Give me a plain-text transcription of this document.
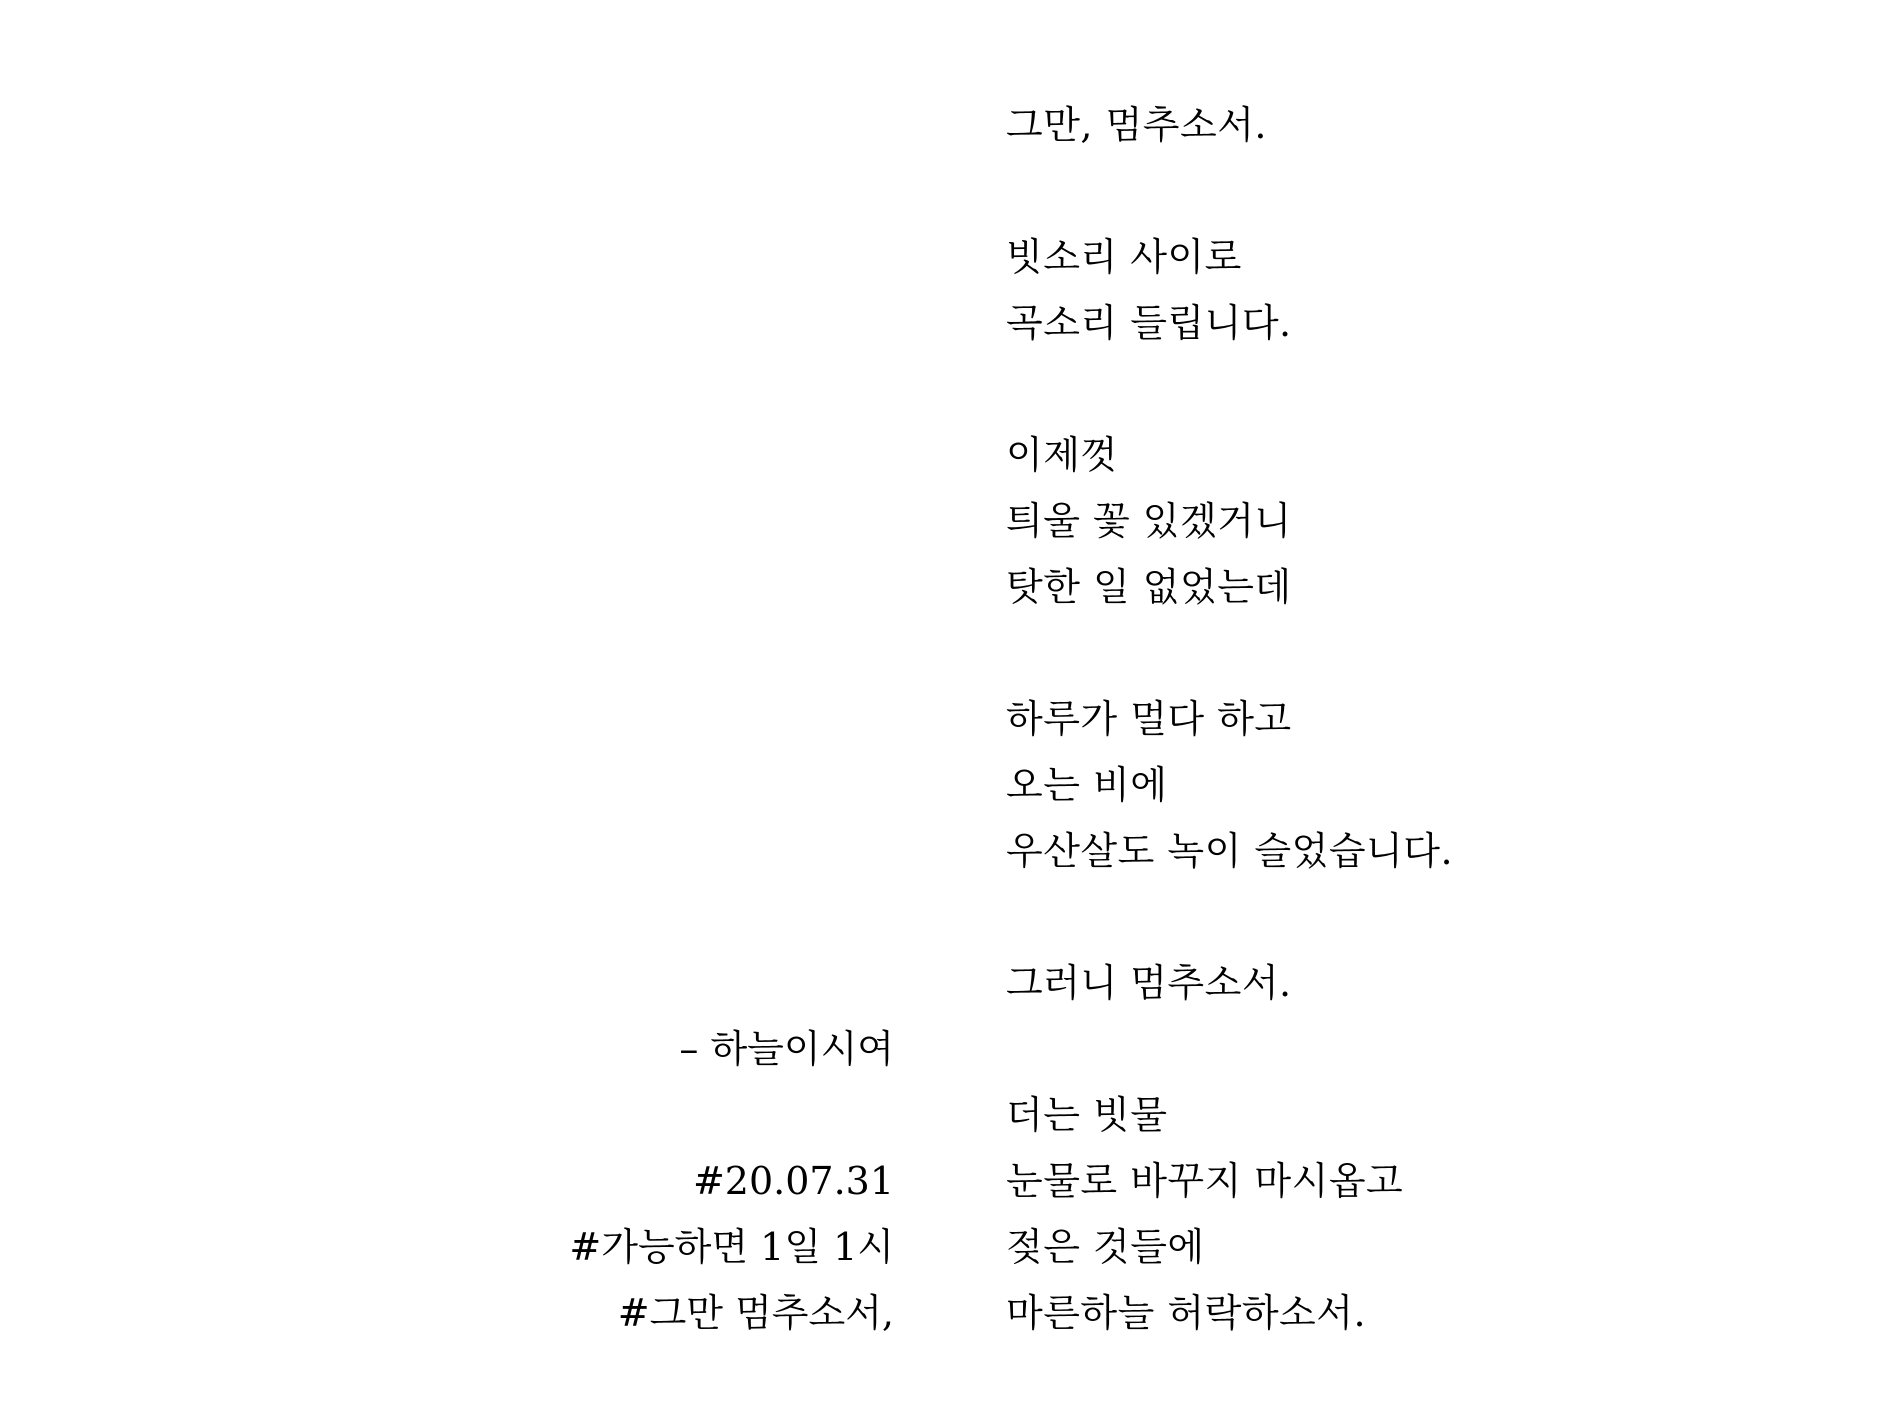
그만, 멈추소서.
빗소리 사이로
곡소리 들립니다.
이제껏
틔울 꽃 있겠거니
탓한 일 없었는데
하루가 멀다 하고
오는 비에
우산살도 녹이 슬었습니다.
그러니 멈추소서.
더는 빗물
눈물로 바꾸지 마시옵고
젖은 것들에
마른하늘 허락하소서.
– 하늘이시여
#20.07.31
#가능하면 1일 1시
#그만 멈추소서,
